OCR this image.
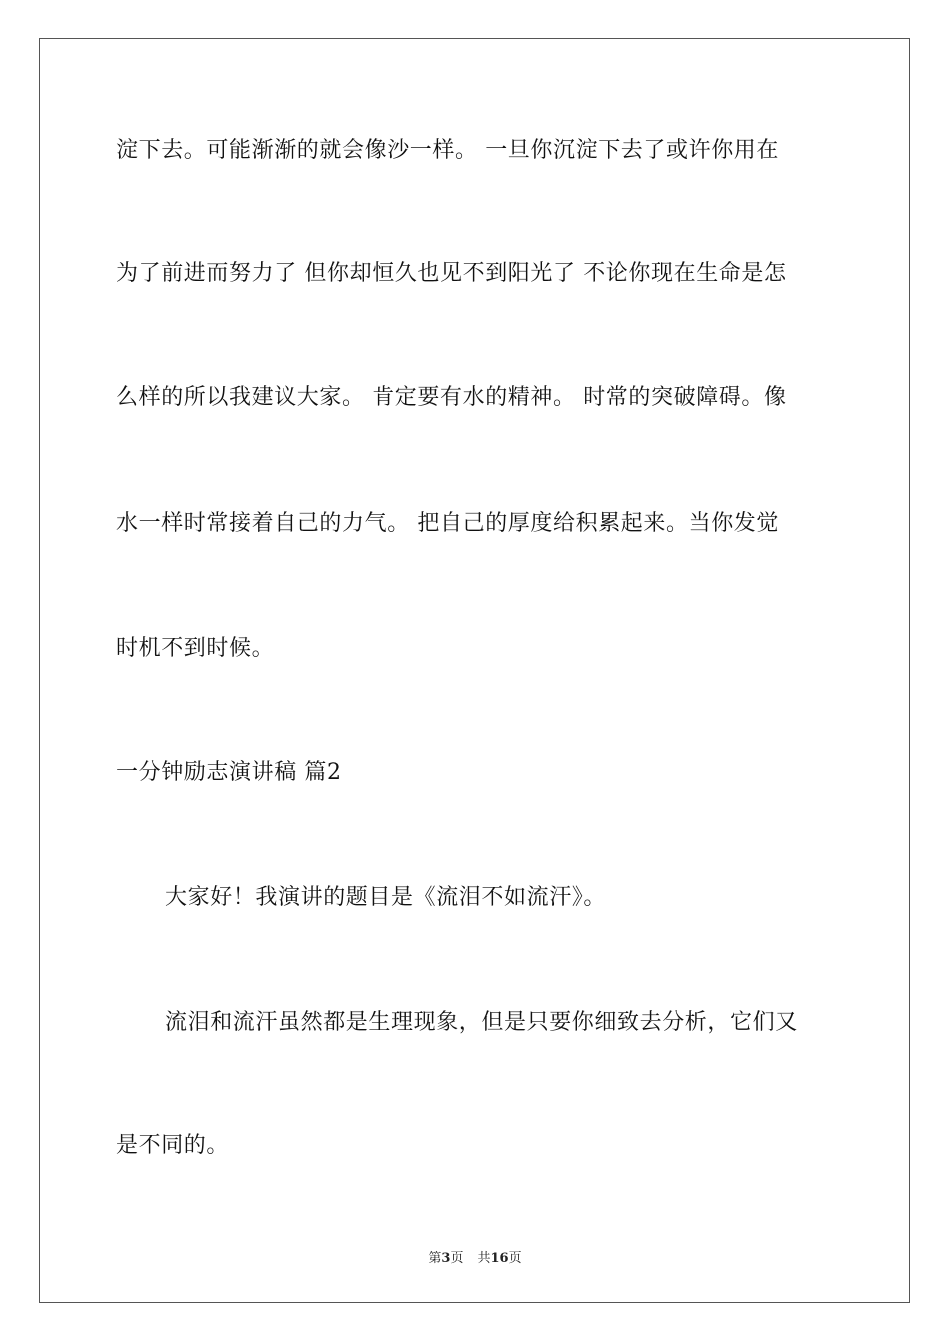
淀下去。可能渐渐的就会像沙一样。 一旦你沉淀下去了或许你用在
为了前进而努力了 但你却恒久也见不到阳光了 不论你现在生命是怎
么样的所以我建议大家。 肯定要有水的精神。 时常的突破障碍。像
水一样时常接着自己的力气。 把自己的厚度给积累起来。当你发觉
时机不到时候。
一分钟励志演讲稿 篇2
大家好！我演讲的题目是《流泪不如流汗》。
流泪和流汗虽然都是生理现象，但是只要你细致去分析，它们又
是不同的。
第3页 共16页
